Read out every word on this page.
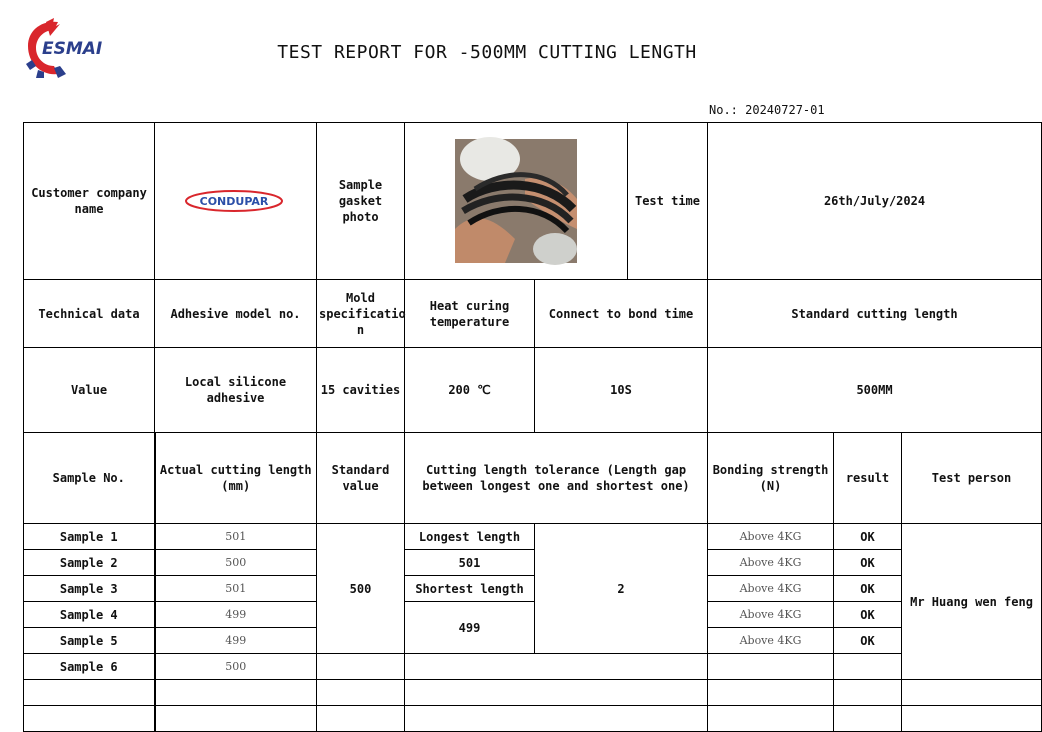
ESMAI	TEST REPORT FOR -500MM CUTTING LENGTH
No.: 20240727-01
Customer company name	CONDUPAR	Sample gasket photo			Test time	26th/July/2024		
Technical data	Adhesive model no.	Mold specificatio n	Heat curing temperature	Connect to bond time		Standard cutting length		
Value	Local silicone adhesive	15 cavities	200 ℃	10S		500MM		
Sample No.	Actual cutting length (mm)	Standard value	Cutting length tolerance (Length gap between longest one and shortest one)			Bonding strength (N)	result	Test person
Sample 1	501	500	Longest length	2		Above 4KG	OK	Mr Huang wen feng
Sample 2	500		501			Above 4KG	OK	
Sample 3	501		Shortest length			Above 4KG	OK	
Sample 4	499		499			Above 4KG	OK	
Sample 5	499					Above 4KG	OK	
Sample 6	500							
